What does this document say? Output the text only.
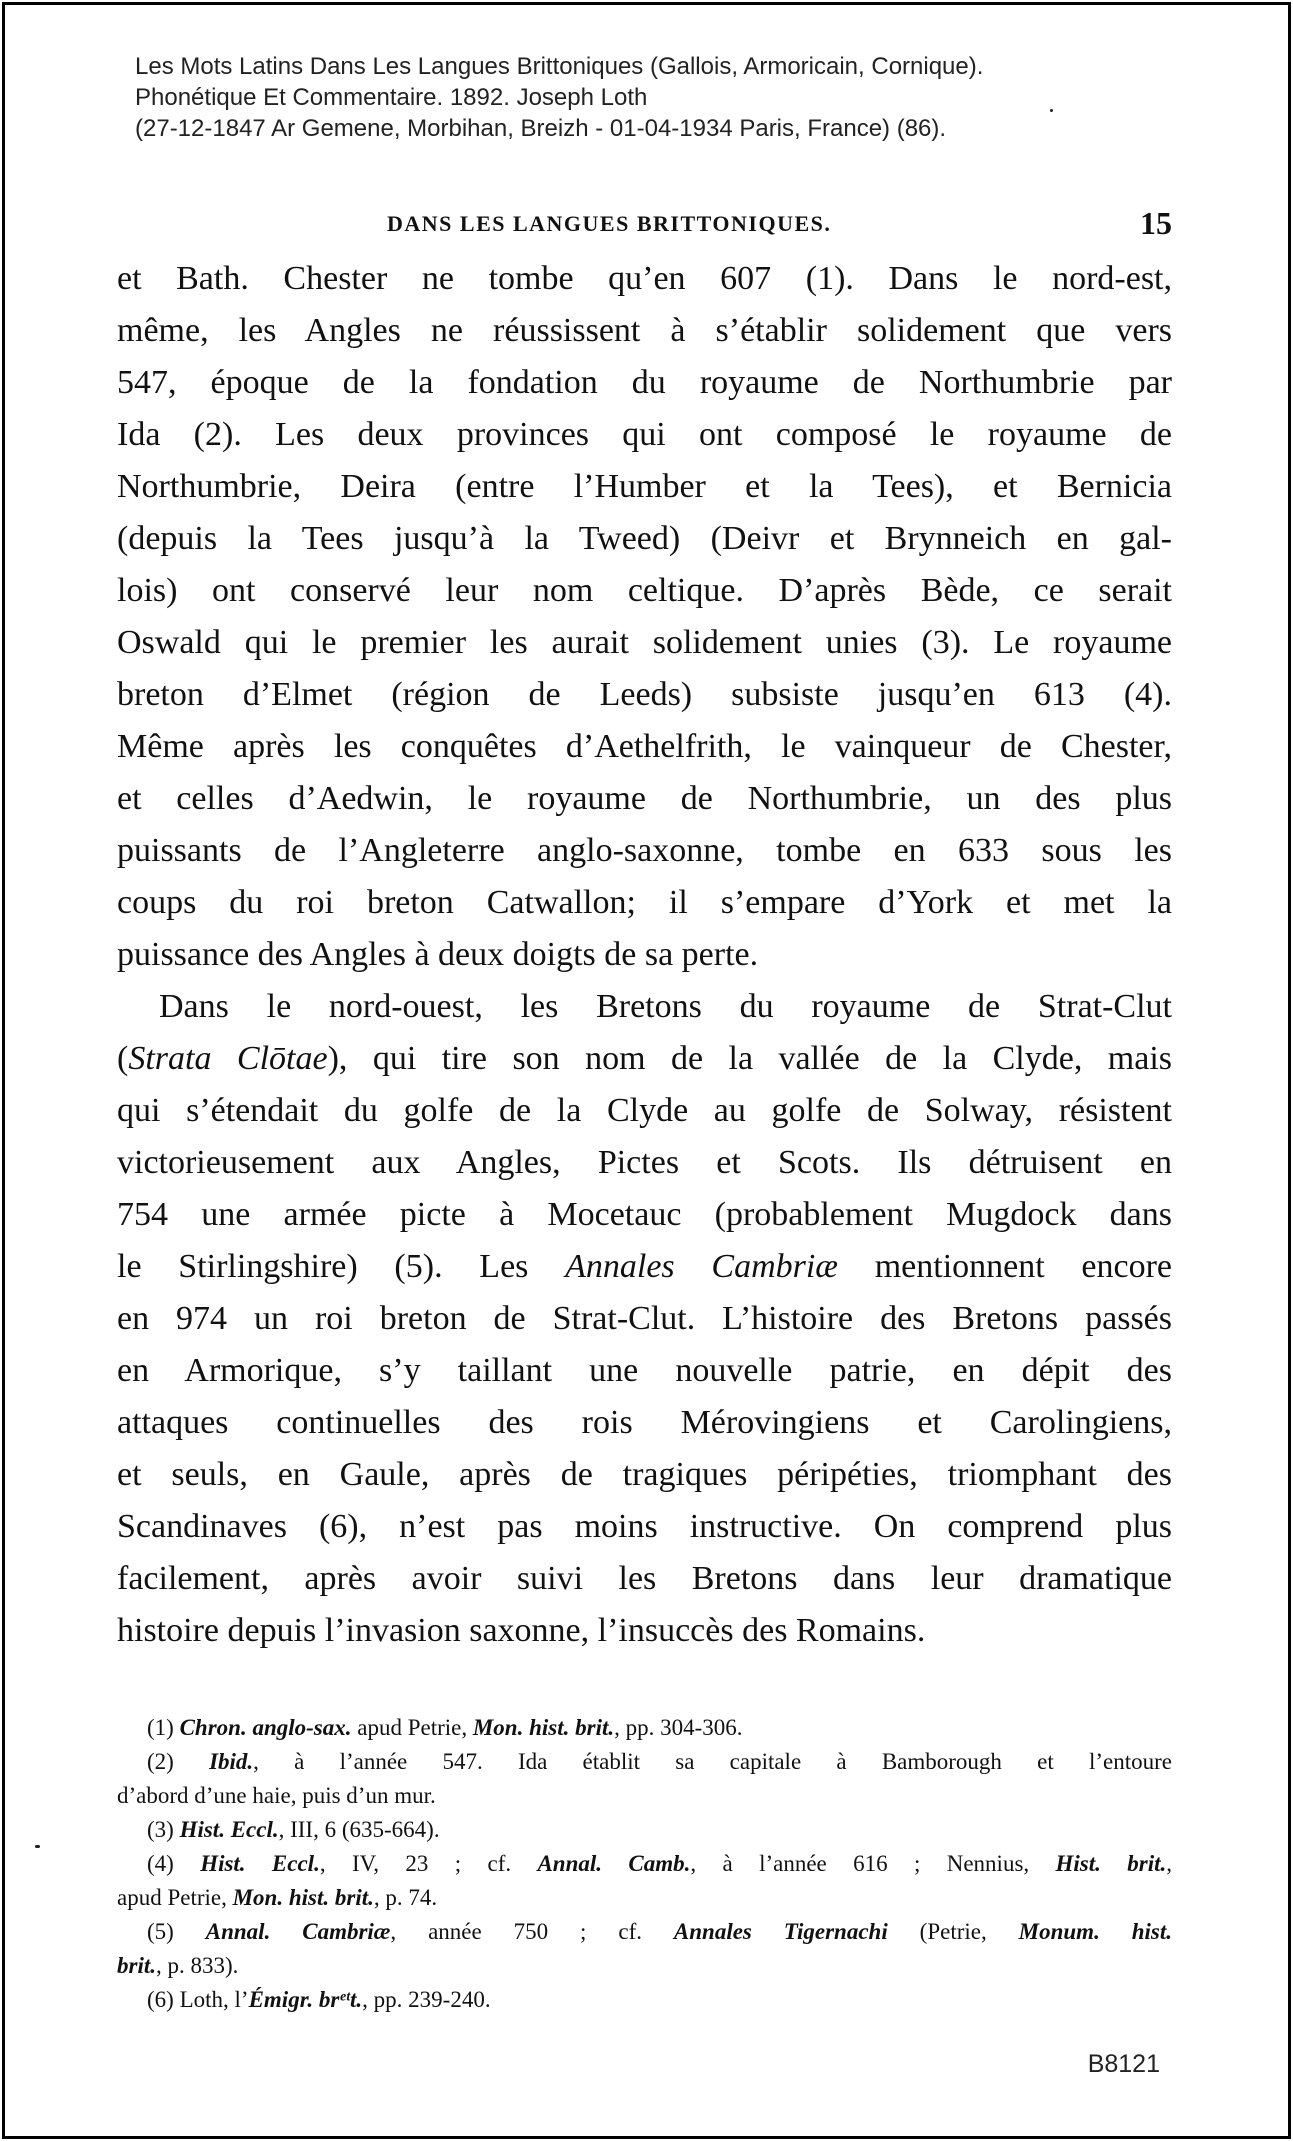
Les Mots Latins Dans Les Langues Brittoniques (Gallois, Armoricain, Cornique).
Phonétique Et Commentaire. 1892. Joseph Loth
(27-12-1847 Ar Gemene, Morbihan, Breizh - 01-04-1934 Paris, France) (86).
DANS LES LANGUES BRITTONIQUES.	15
et Bath. Chester ne tombe qu’en 607 (1). Dans le nord-est,
même, les Angles ne réussissent à s’établir solidement que vers
547, époque de la fondation du royaume de Northumbrie par
Ida (2). Les deux provinces qui ont composé le royaume de
Northumbrie, Deira (entre l’Humber et la Tees), et Bernicia
(depuis la Tees jusqu’à la Tweed) (Deivr et Brynneich en gal-
lois) ont conservé leur nom celtique. D’après Bède, ce serait
Oswald qui le premier les aurait solidement unies (3). Le royaume
breton d’Elmet (région de Leeds) subsiste jusqu’en 613 (4).
Même après les conquêtes d’Aethelfrith, le vainqueur de Chester,
et celles d’Aedwin, le royaume de Northumbrie, un des plus
puissants de l’Angleterre anglo-saxonne, tombe en 633 sous les
coups du roi breton Catwallon; il s’empare d’York et met la
puissance des Angles à deux doigts de sa perte.
Dans le nord-ouest, les Bretons du royaume de Strat-Clut
(Strata Clōtae), qui tire son nom de la vallée de la Clyde, mais
qui s’étendait du golfe de la Clyde au golfe de Solway, résistent
victorieusement aux Angles, Pictes et Scots. Ils détruisent en
754 une armée picte à Mocetauc (probablement Mugdock dans
le Stirlingshire) (5). Les Annales Cambriæ mentionnent encore
en 974 un roi breton de Strat-Clut. L’histoire des Bretons passés
en Armorique, s’y taillant une nouvelle patrie, en dépit des
attaques continuelles des rois Mérovingiens et Carolingiens,
et seuls, en Gaule, après de tragiques péripéties, triomphant des
Scandinaves (6), n’est pas moins instructive. On comprend plus
facilement, après avoir suivi les Bretons dans leur dramatique
histoire depuis l’invasion saxonne, l’insuccès des Romains.
(1) Chron. anglo-sax. apud Petrie, Mon. hist. brit., pp. 304-306.
(2) Ibid., à l’année 547. Ida établit sa capitale à Bamborough et l’entoure
d’abord d’une haie, puis d’un mur.
(3) Hist. Eccl., III, 6 (635-664).
(4) Hist. Eccl., IV, 23 ; cf. Annal. Camb., à l’année 616 ; Nennius, Hist. brit.,
apud Petrie, Mon. hist. brit., p. 74.
(5) Annal. Cambriæ, année 750 ; cf. Annales Tigernachi (Petrie, Monum. hist.
brit., p. 833).
(6) Loth, l’Émigr. brᵉᵗt., pp. 239-240.
B8121
